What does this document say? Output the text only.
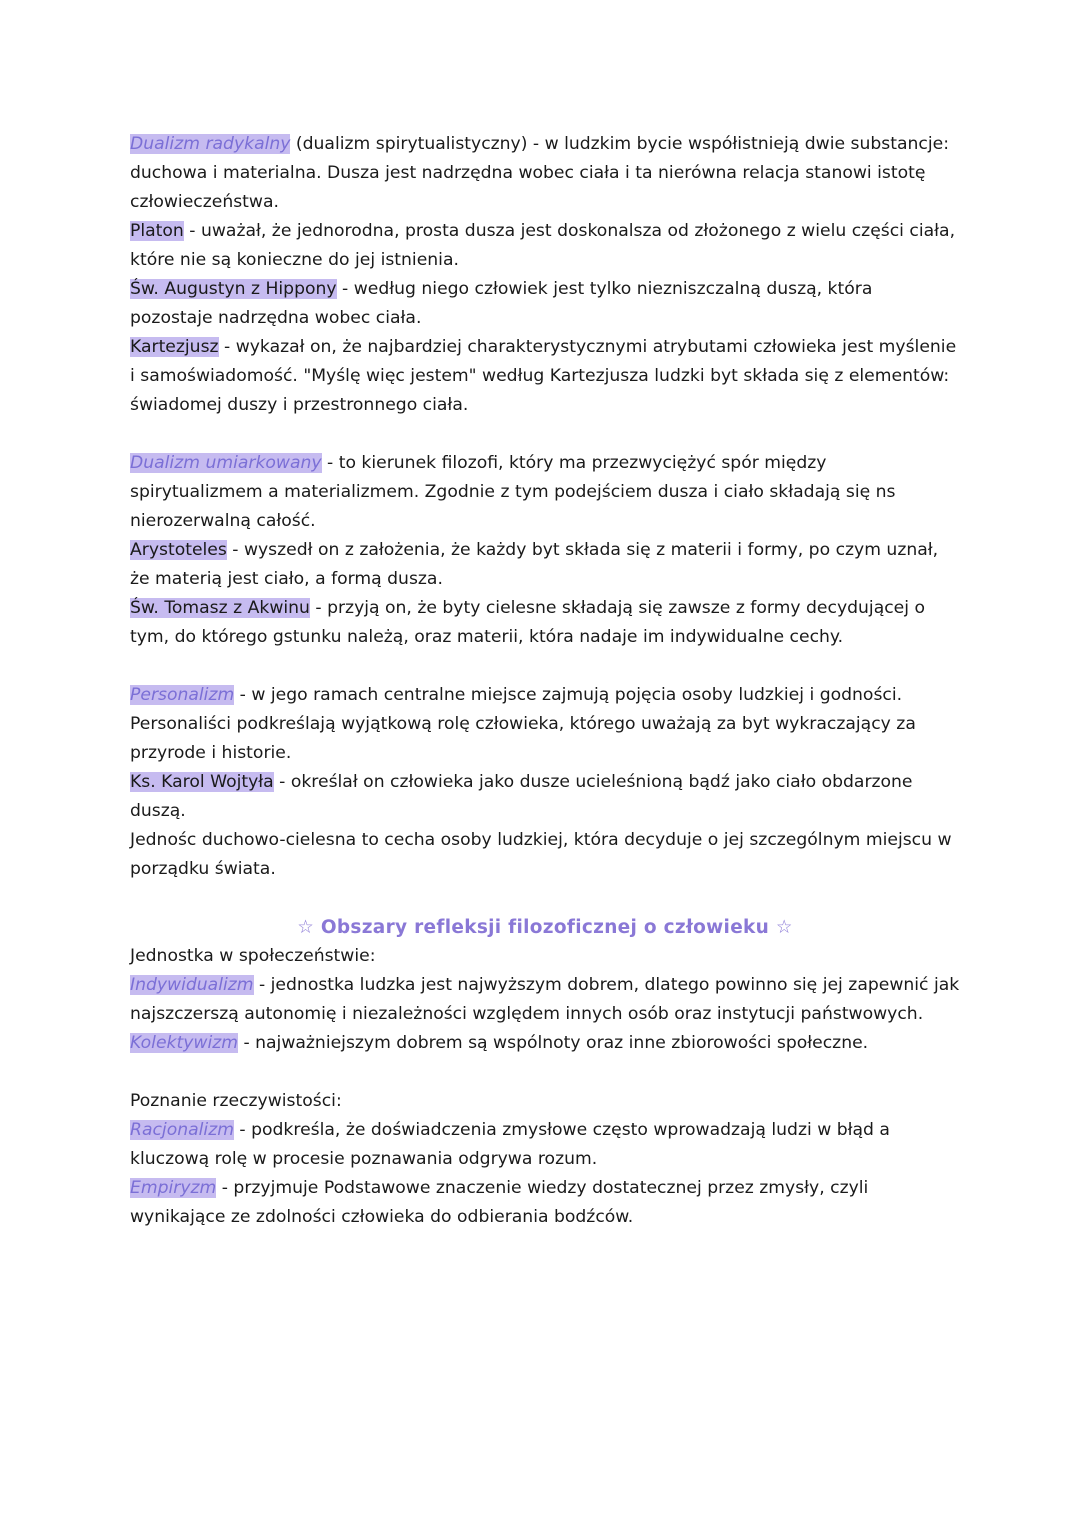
Dualizm radykalny (dualizm spirytualistyczny) - w ludzkim bycie współistnieją dwie substancje: duchowa i materialna. Dusza jest nadrzędna wobec ciała i ta nierówna relacja stanowi istotę człowieczeństwa.

Platon - uważał, że jednorodna, prosta dusza jest doskonalsza od złożonego z wielu części ciała, które nie są konieczne do jej istnienia.

Św. Augustyn z Hippony - według niego człowiek jest tylko niezniszczalną duszą, która pozostaje nadrzędna wobec ciała.

Kartezjusz - wykazał on, że najbardziej charakterystycznymi atrybutami człowieka jest myślenie i samoświadomość. "Myślę więc jestem" według Kartezjusza ludzki byt składa się z elementów: świadomej duszy i przestronnego ciała.

Dualizm umiarkowany - to kierunek filozofi, który ma przezwyciężyć spór między spirytualizmem a materializmem. Zgodnie z tym podejściem dusza i ciało składają się ns nierozerwalną całość.

Arystoteles - wyszedł on z założenia, że każdy byt składa się z materii i formy, po czym uznał, że materią jest ciało, a formą dusza.

Św. Tomasz z Akwinu - przyją on, że byty cielesne składają się zawsze z formy decydującej o tym, do którego gstunku należą, oraz materii, która nadaje im indywidualne cechy.

Personalizm - w jego ramach centralne miejsce zajmują pojęcia osoby ludzkiej i godności. Personaliści podkreślają wyjątkową rolę człowieka, którego uważają za byt wykraczający za przyrode i historie.

Ks. Karol Wojtyła - określał on człowieka jako dusze ucieleśnioną bądź jako ciało obdarzone duszą.

Jednośc duchowo-cielesna to cecha osoby ludzkiej, która decyduje o jej szczególnym miejscu w porządku świata.

☆ Obszary refleksji filozoficznej o człowieku ☆

Jednostka w społeczeństwie:

Indywidualizm - jednostka ludzka jest najwyższym dobrem, dlatego powinno się jej zapewnić jak najszczerszą autonomię i niezależności względem innych osób oraz instytucji państwowych.

Kolektywizm - najważniejszym dobrem są wspólnoty oraz inne zbiorowości społeczne.

Poznanie rzeczywistości:

Racjonalizm - podkreśla, że doświadczenia zmysłowe często wprowadzają ludzi w błąd a kluczową rolę w procesie poznawania odgrywa rozum.

Empiryzm - przyjmuje Podstawowe znaczenie wiedzy dostatecznej przez zmysły, czyli wynikające ze zdolności człowieka do odbierania bodźców.
